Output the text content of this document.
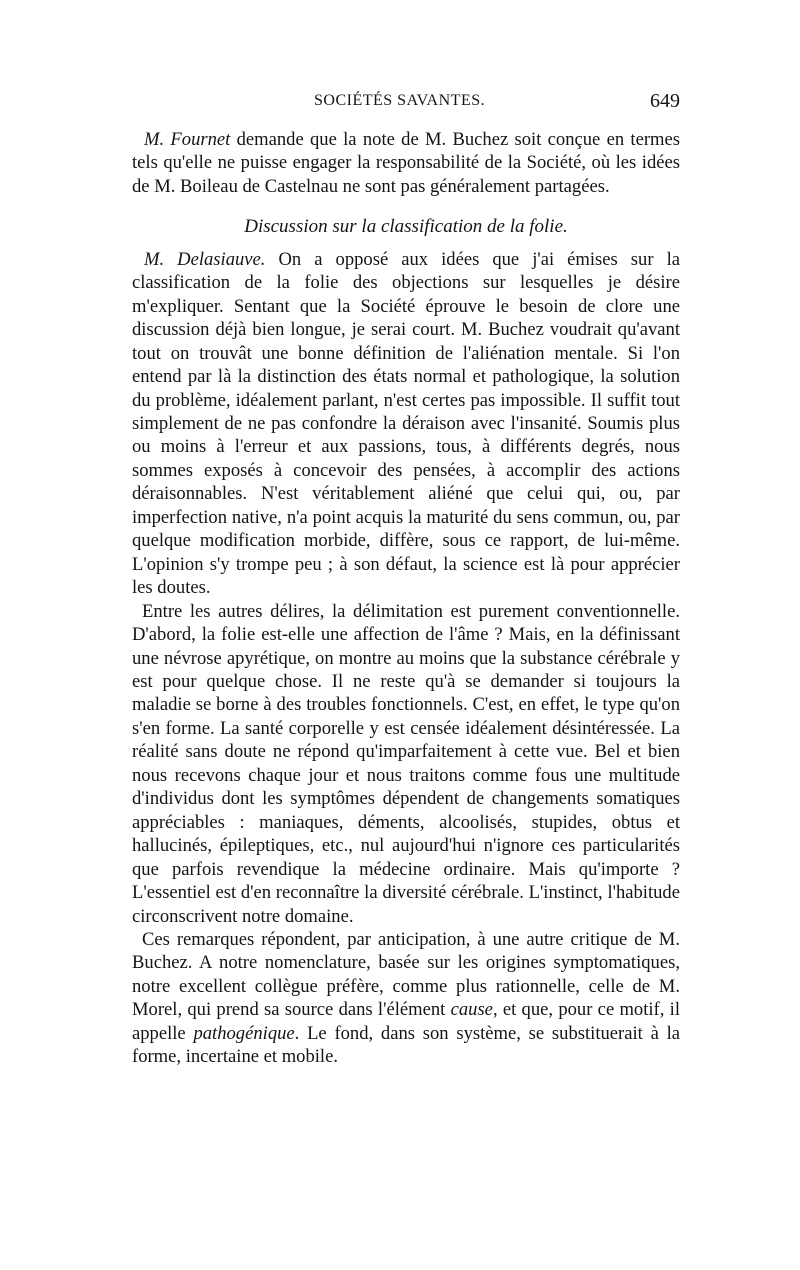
SOCIÉTÉS SAVANTES.	649

M. Fournet demande que la note de M. Buchez soit conçue en termes tels qu'elle ne puisse engager la responsabilité de la Société, où les idées de M. Boileau de Castelnau ne sont pas généralement partagées.

Discussion sur la classification de la folie.

M. Delasiauve. On a opposé aux idées que j'ai émises sur la classification de la folie des objections sur lesquelles je désire m'expliquer. Sentant que la Société éprouve le besoin de clore une discussion déjà bien longue, je serai court. M. Buchez voudrait qu'avant tout on trouvât une bonne définition de l'aliénation mentale. Si l'on entend par là la distinction des états normal et pathologique, la solution du problème, idéalement parlant, n'est certes pas impossible. Il suffit tout simplement de ne pas confondre la déraison avec l'insanité. Soumis plus ou moins à l'erreur et aux passions, tous, à différents degrés, nous sommes exposés à concevoir des pensées, à accomplir des actions déraisonnables. N'est véritablement aliéné que celui qui, ou, par imperfection native, n'a point acquis la maturité du sens commun, ou, par quelque modification morbide, diffère, sous ce rapport, de lui-même. L'opinion s'y trompe peu ; à son défaut, la science est là pour apprécier les doutes.

Entre les autres délires, la délimitation est purement conventionnelle. D'abord, la folie est-elle une affection de l'âme ? Mais, en la définissant une névrose apyrétique, on montre au moins que la substance cérébrale y est pour quelque chose. Il ne reste qu'à se demander si toujours la maladie se borne à des troubles fonctionnels. C'est, en effet, le type qu'on s'en forme. La santé corporelle y est censée idéalement désintéressée. La réalité sans doute ne répond qu'imparfaitement à cette vue. Bel et bien nous recevons chaque jour et nous traitons comme fous une multitude d'individus dont les symptômes dépendent de changements somatiques appréciables : maniaques, déments, alcoolisés, stupides, obtus et hallucinés, épileptiques, etc., nul aujourd'hui n'ignore ces particularités que parfois revendique la médecine ordinaire. Mais qu'importe ? L'essentiel est d'en reconnaître la diversité cérébrale. L'instinct, l'habitude circonscrivent notre domaine.

Ces remarques répondent, par anticipation, à une autre critique de M. Buchez. A notre nomenclature, basée sur les origines symptomatiques, notre excellent collègue préfère, comme plus rationnelle, celle de M. Morel, qui prend sa source dans l'élément cause, et que, pour ce motif, il appelle pathogénique. Le fond, dans son système, se substituerait à la forme, incertaine et mobile.
